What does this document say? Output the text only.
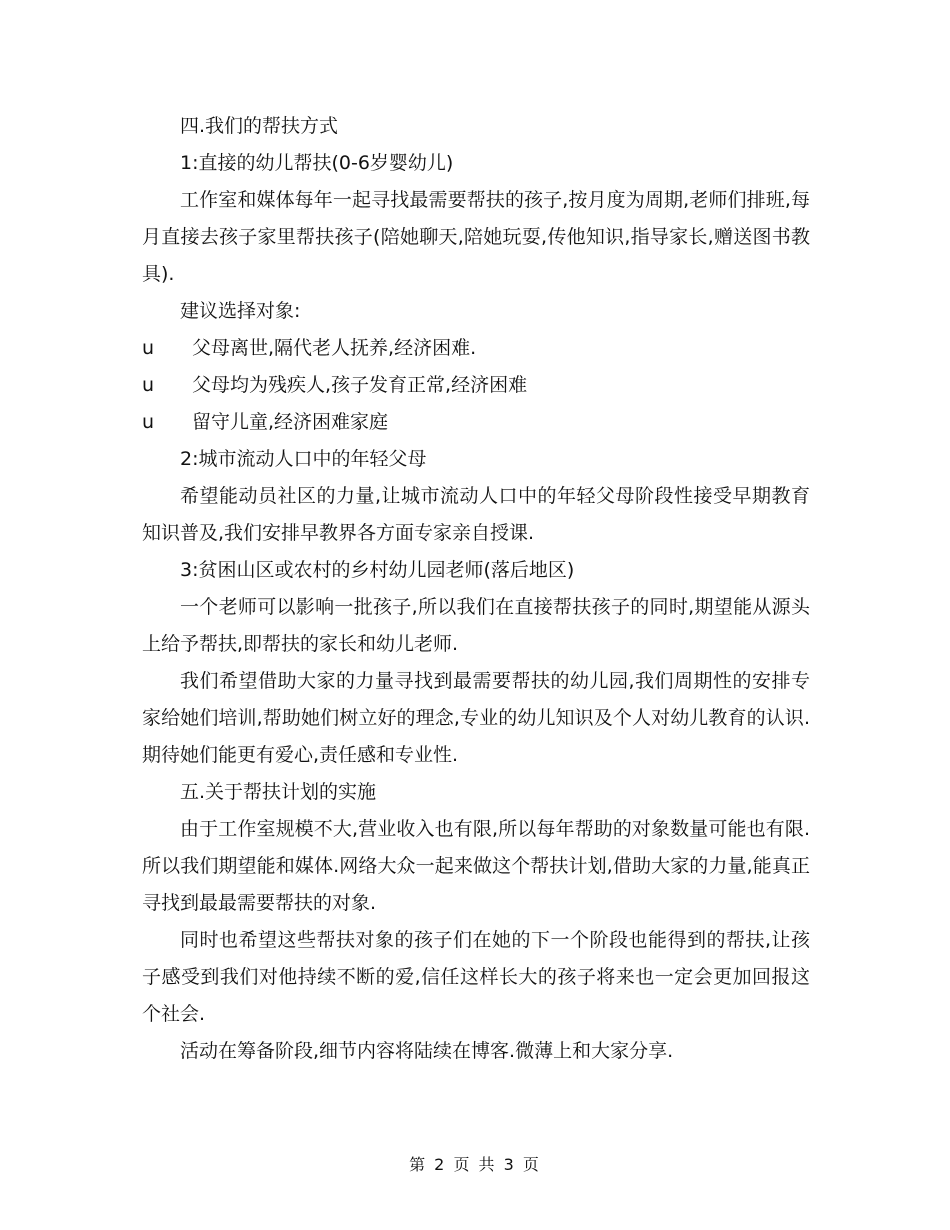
四.我们的帮扶方式

1:直接的幼儿帮扶(0-6岁婴幼儿)

工作室和媒体每年一起寻找最需要帮扶的孩子,按月度为周期,老师们排班,每月直接去孩子家里帮扶孩子(陪她聊天,陪她玩耍,传他知识,指导家长,赠送图书教具).

建议选择对象:

u 父母离世,隔代老人抚养,经济困难.

u 父母均为残疾人,孩子发育正常,经济困难

u 留守儿童,经济困难家庭

2:城市流动人口中的年轻父母

希望能动员社区的力量,让城市流动人口中的年轻父母阶段性接受早期教育知识普及,我们安排早教界各方面专家亲自授课.

3:贫困山区或农村的乡村幼儿园老师(落后地区)

一个老师可以影响一批孩子,所以我们在直接帮扶孩子的同时,期望能从源头上给予帮扶,即帮扶的家长和幼儿老师.

我们希望借助大家的力量寻找到最需要帮扶的幼儿园,我们周期性的安排专家给她们培训,帮助她们树立好的理念,专业的幼儿知识及个人对幼儿教育的认识.期待她们能更有爱心,责任感和专业性.

五.关于帮扶计划的实施

由于工作室规模不大,营业收入也有限,所以每年帮助的对象数量可能也有限.所以我们期望能和媒体.网络大众一起来做这个帮扶计划,借助大家的力量,能真正寻找到最最需要帮扶的对象.

同时也希望这些帮扶对象的孩子们在她的下一个阶段也能得到的帮扶,让孩子感受到我们对他持续不断的爱,信任这样长大的孩子将来也一定会更加回报这个社会.

活动在筹备阶段,细节内容将陆续在博客.微薄上和大家分享.

第 2 页 共 3 页
